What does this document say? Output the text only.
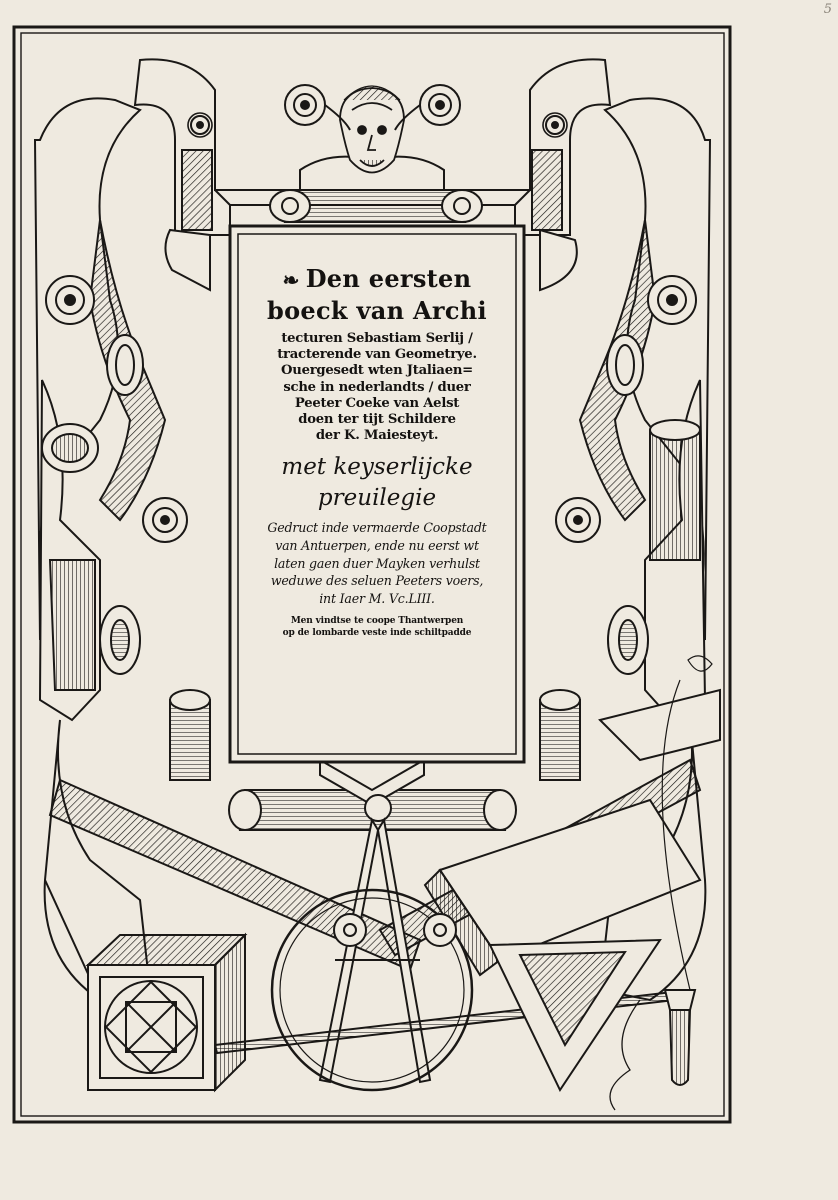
5
❧ Den eersten
boeck van Archi
tecturen Sebastiam Serlij /
tracterende van Geometrye.
Ouergesedt wten Jtaliaen=
sche in nederlandts / duer
Peeter Coeke van Aelst
doen ter tijt Schildere
der K. Maiesteyt.
met keyserlijcke
preuilegie
Gedruct inde vermaerde Coopstadt
van Antuerpen, ende nu eerst wt
laten gaen duer Mayken verhulst
weduwe des seluen Peeters voers,
int Iaer M. Vc.LIII.
Men vindtse te coope Thantwerpen
op de lombarde veste inde schiltpadde
